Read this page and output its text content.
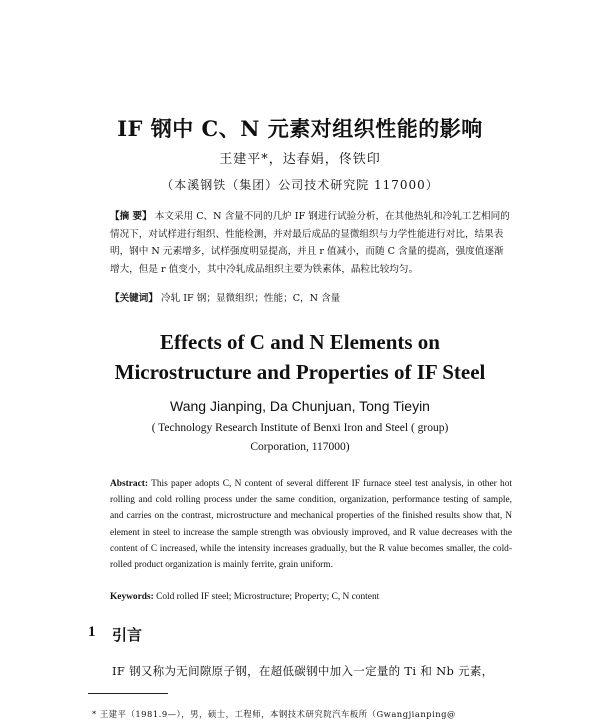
IF 钢中 C、N 元素对组织性能的影响
王建平*，达春娟，佟铁印
（本溪钢铁（集团）公司技术研究院 117000）
【摘 要】 本文采用 C、N 含量不同的几炉 IF 钢进行试验分析，在其他热轧和冷轧工艺相同的情况下，对试样进行组织、性能检测，并对最后成品的显微组织与力学性能进行对比，结果表明，钢中 N 元素增多，试样强度明显提高，并且 r 值减小，而随 C 含量的提高，强度值逐渐增大，但是 r 值变小，其中冷轧成品组织主要为铁素体，晶粒比较均匀。
【关键词】 冷轧 IF 钢；显微组织；性能；C，N 含量
Effects of C and N Elements on
Microstructure and Properties of IF Steel
Wang Jianping, Da Chunjuan, Tong Tieyin
( Technology Research Institute of Benxi Iron and Steel ( group)
Corporation, 117000)
Abstract: This paper adopts C, N content of several different IF furnace steel test analysis, in other hot rolling and cold rolling process under the same condition, organization, performance testing of sample, and carries on the contrast, microstructure and mechanical properties of the finished results show that, N element in steel to increase the sample strength was obviously improved, and R value decreases with the content of C increased, while the intensity increases gradually, but the R value becomes smaller, the cold-rolled product organization is mainly ferrite, grain uniform.
Keywords: Cold rolled IF steel; Microstructure; Property; C, N content
1 引言
IF 钢又称为无间隙原子钢，在超低碳钢中加入一定量的 Ti 和 Nb 元素，
* 王建平（1981.9—），男，硕士，工程师，本钢技术研究院汽车板所（Gwangjianping@
